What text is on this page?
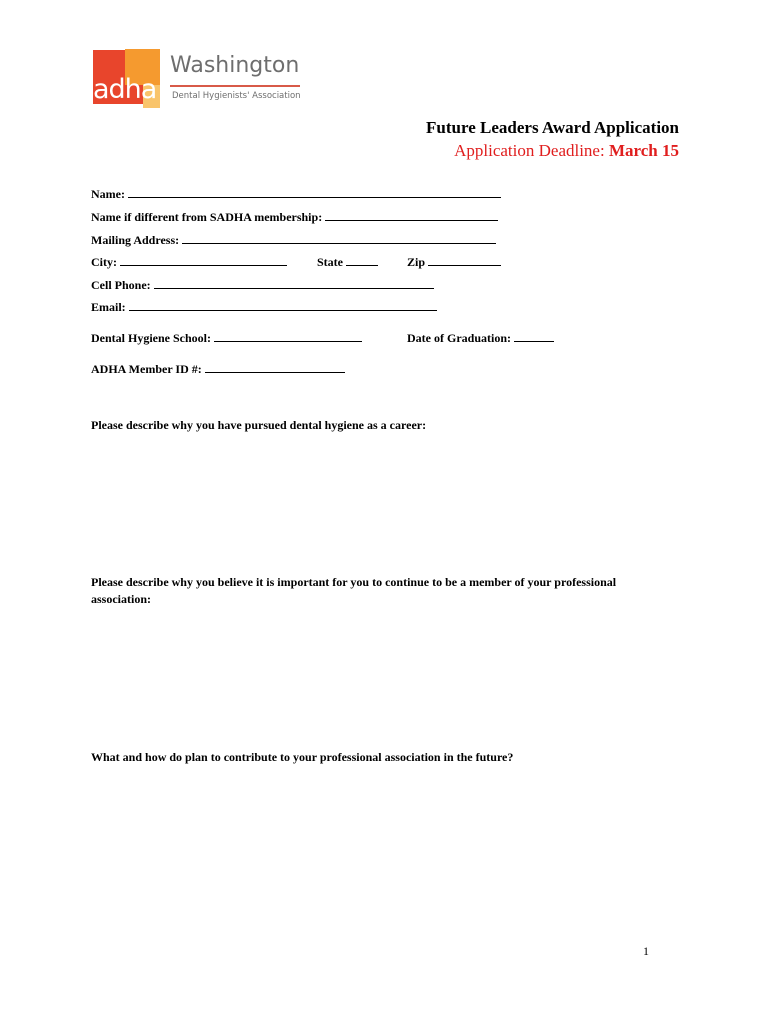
adha
Washington
Dental Hygienists' Association
Future Leaders Award Application
Application Deadline: March 15
Name:
Name if different from SADHA membership:
Mailing Address:
City:	State	Zip
Cell Phone:
Email:
Dental Hygiene School:	Date of Graduation:
ADHA Member ID #:
Please describe why you have pursued dental hygiene as a career:
Please describe why you believe it is important for you to continue to be a member of your professional association:
What and how do plan to contribute to your professional association in the future?
1
